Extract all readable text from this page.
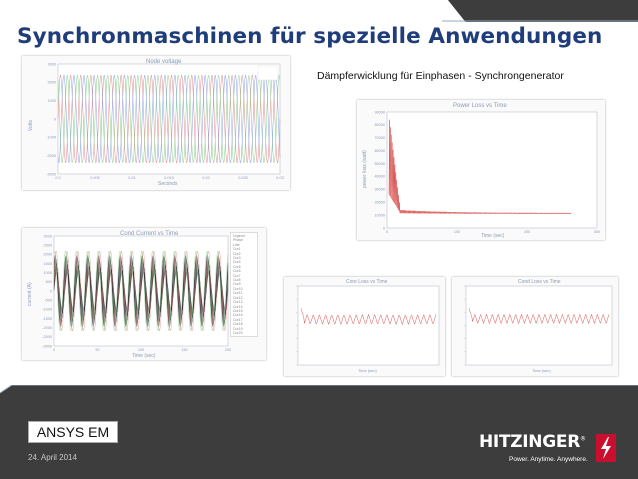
Synchronmaschinen für spezielle Anwendungen
Dämpferwicklung für Einphasen - Synchrongenerator
3000
2000
1000
0
-1000
-2000
-3000
0.0	0.005	0.01	0.015	0.02	0.025	0.03
Node voltage
Volts
Seconds
90000
80000
70000
60000
50000
40000
30000
20000
10000
0
0	100	200	300
Power Loss vs Time
power loss (watt)
Time (sec)
3000
2500
2000
1500
1000
500
0
-500
-1000
-1500
-2000
-2500
-3000
0	50	100	150	200
Cond Current vs Time
current (A)
Time (sec)
Legend
Phase
Line
Cur1
Cur2
Cur3
Cur4
Cur5
Cur6
Cur7
Cur8
Cur9
Cur10
Cur11
Cur12
Cur13
Cur14
Cur15
Cur16
Cur17
Cur18
Cur19
Cur20
Core Loss vs Time
Time (sec)
Cond Loss vs Time
Time (sec)
ANSYS EM
24. April 2014
HITZINGER®
Power. Anytime. Anywhere.
